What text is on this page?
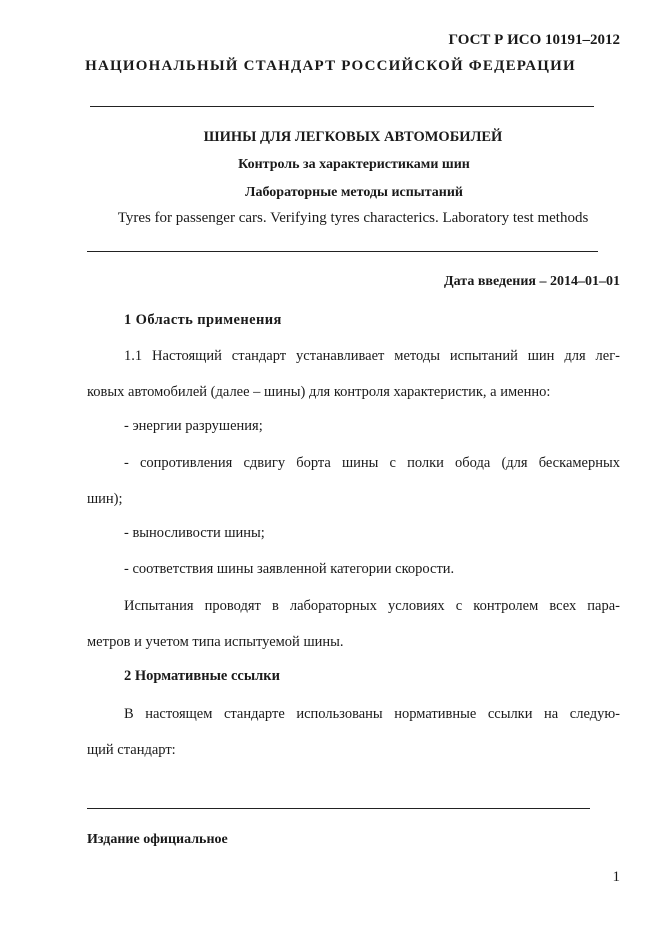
ГОСТ Р ИСО 10191–2012
НАЦИОНАЛЬНЫЙ СТАНДАРТ РОССИЙСКОЙ ФЕДЕРАЦИИ
ШИНЫ ДЛЯ ЛЕГКОВЫХ АВТОМОБИЛЕЙ
Контроль за характеристиками шин
Лабораторные методы испытаний
Tyres for passenger cars. Verifying tyres characterics. Laboratory test methods
Дата введения – 2014–01–01
1 Область применения
1.1 Настоящий стандарт устанавливает методы испытаний шин для лег-
ковых автомобилей (далее – шины) для контроля характеристик, а именно:
- энергии разрушения;
- сопротивления сдвигу борта шины с полки обода (для бескамерных
шин);
- выносливости шины;
- соответствия шины заявленной категории скорости.
Испытания проводят в лабораторных условиях с контролем всех пара-
метров и учетом типа испытуемой шины.
2 Нормативные ссылки
В настоящем стандарте использованы нормативные ссылки на следую-
щий стандарт:
Издание официальное
1
